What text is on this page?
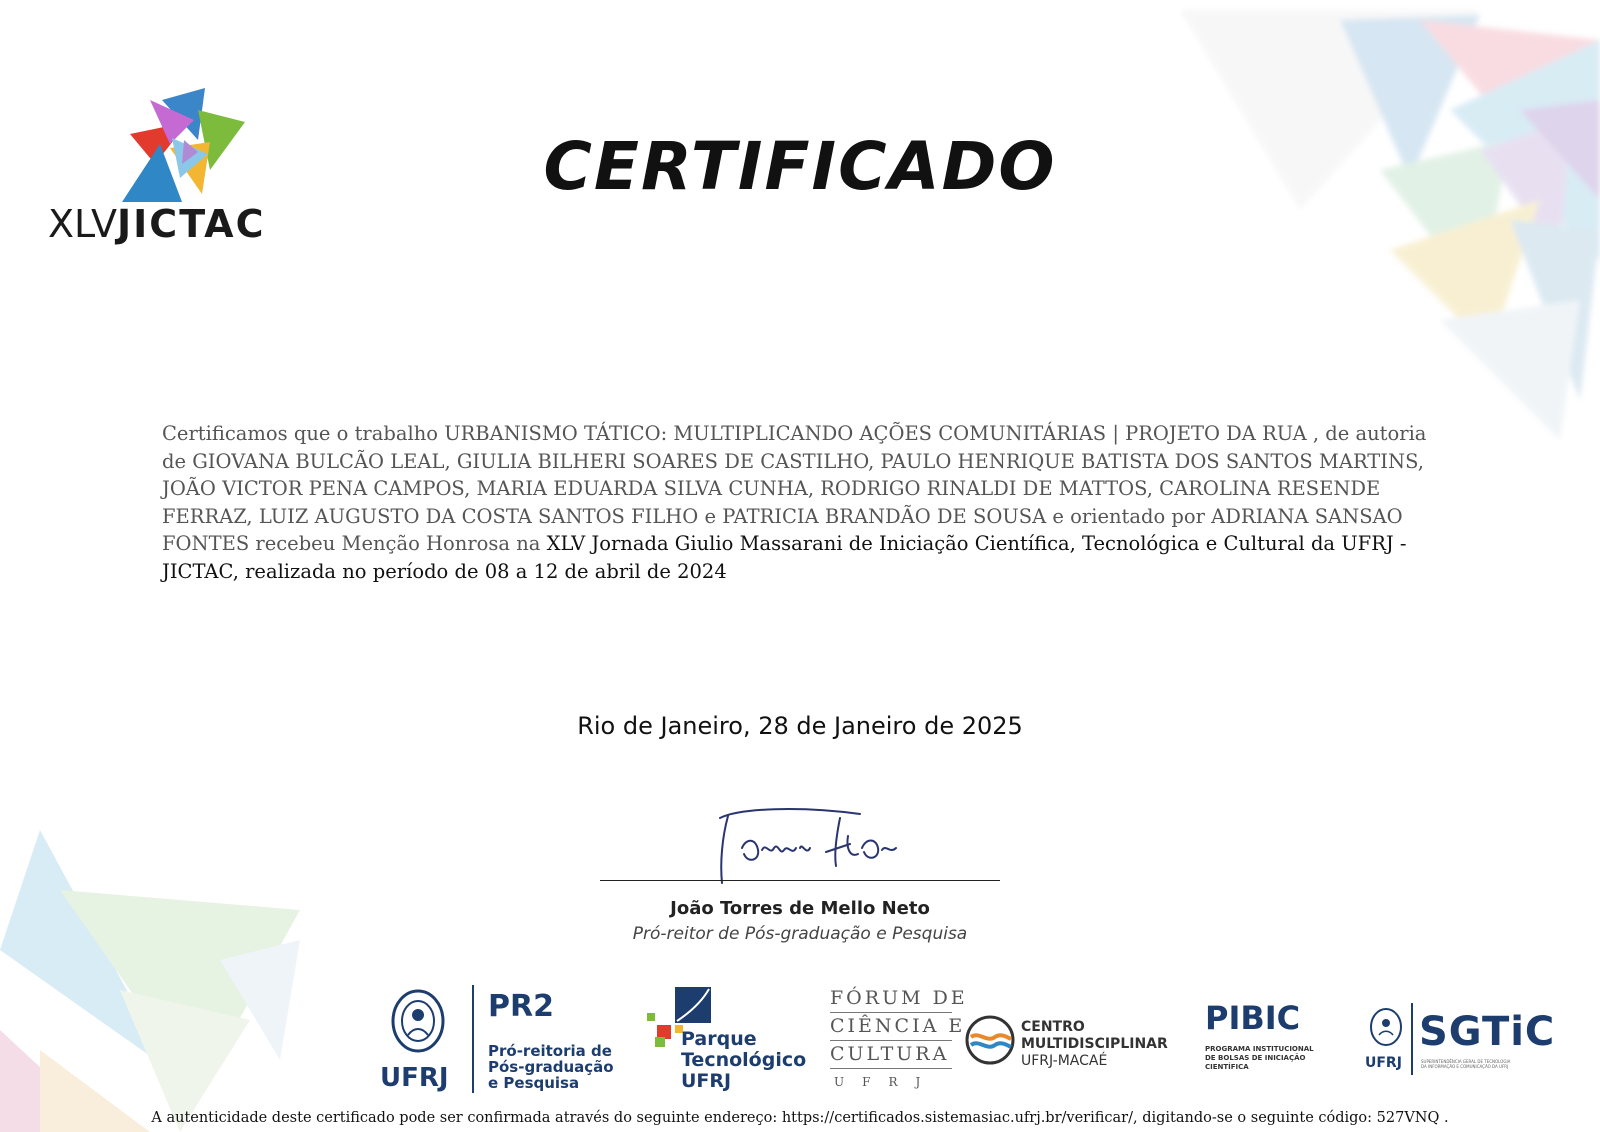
XLVJICTAC
CERTIFICADO
Certificamos que o trabalho URBANISMO TÁTICO: MULTIPLICANDO AÇÕES COMUNITÁRIAS | PROJETO DA RUA , de autoria de GIOVANA BULCÃO LEAL, GIULIA BILHERI SOARES DE CASTILHO, PAULO HENRIQUE BATISTA DOS SANTOS MARTINS, JOÃO VICTOR PENA CAMPOS, MARIA EDUARDA SILVA CUNHA, RODRIGO RINALDI DE MATTOS, CAROLINA RESENDE FERRAZ, LUIZ AUGUSTO DA COSTA SANTOS FILHO e PATRICIA BRANDÃO DE SOUSA e orientado por ADRIANA SANSAO FONTES recebeu Menção Honrosa na XLV Jornada Giulio Massarani de Iniciação Científica, Tecnológica e Cultural da UFRJ - JICTAC, realizada no período de 08 a 12 de abril de 2024
Rio de Janeiro, 28 de Janeiro de 2025
João Torres de Mello Neto
Pró-reitor de Pós-graduação e Pesquisa
UFRJ
PR2
Pró-reitoria de
Pós-graduação
e Pesquisa
Parque
Tecnológico
UFRJ
FÓRUM DE
CIÊNCIA E
CULTURA
UFRJ
CENTRO
MULTIDISCIPLINAR
UFRJ-MACAÉ
PIBIC
PROGRAMA INSTITUCIONAL
DE BOLSAS DE INICIAÇÃO
CIENTÍFICA	UFRJ
SGTiC
SUPERINTENDÊNCIA GERAL DE TECNOLOGIA
DA INFORMAÇÃO E COMUNICAÇÃO DA UFRJ
A autenticidade deste certificado pode ser confirmada através do seguinte endereço: https://certificados.sistemasiac.ufrj.br/verificar/, digitando-se o seguinte código: 527VNQ .
